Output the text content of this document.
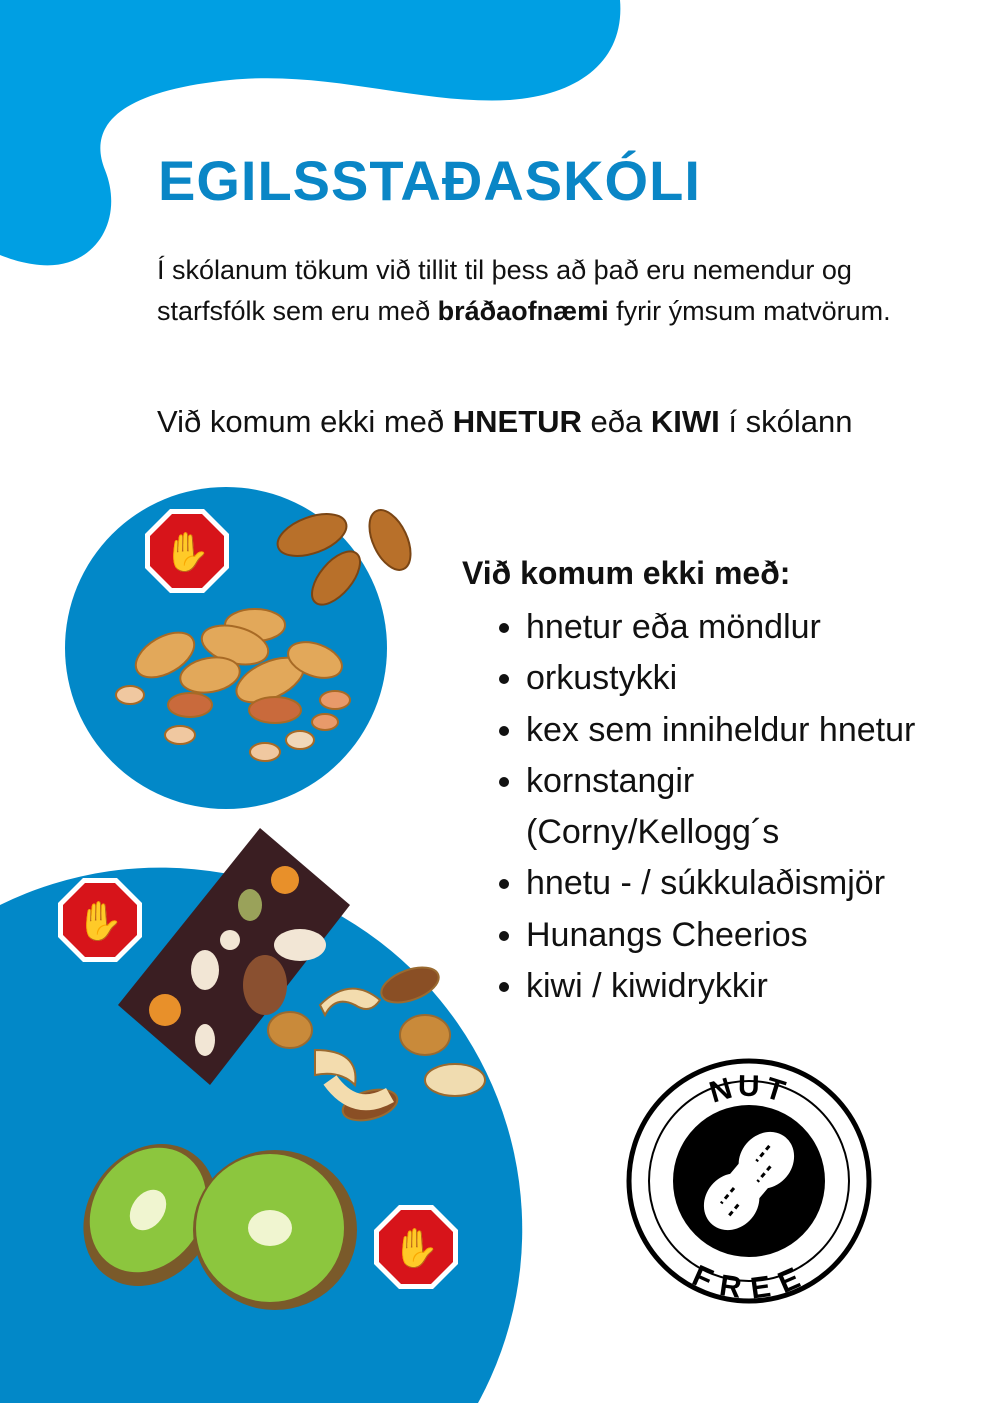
✋
✋
✋
EGILSSTAÐASKÓLI

Í skólanum tökum við tillit til þess að það eru nemendur og starfsfólk sem eru með bráðaofnæmi fyrir ýmsum matvörum.

Við komum ekki með HNETUR eða KIWI í skólann

Við komum ekki með:

• hnetur eða möndlur
• orkustykki
• kex sem inniheldur hnetur
• kornstangir (Corny/Kellogg´s
• hnetu - / súkkulaðismjör
• Hunangs Cheerios
• kiwi / kiwidrykkir
NUT
FREE
